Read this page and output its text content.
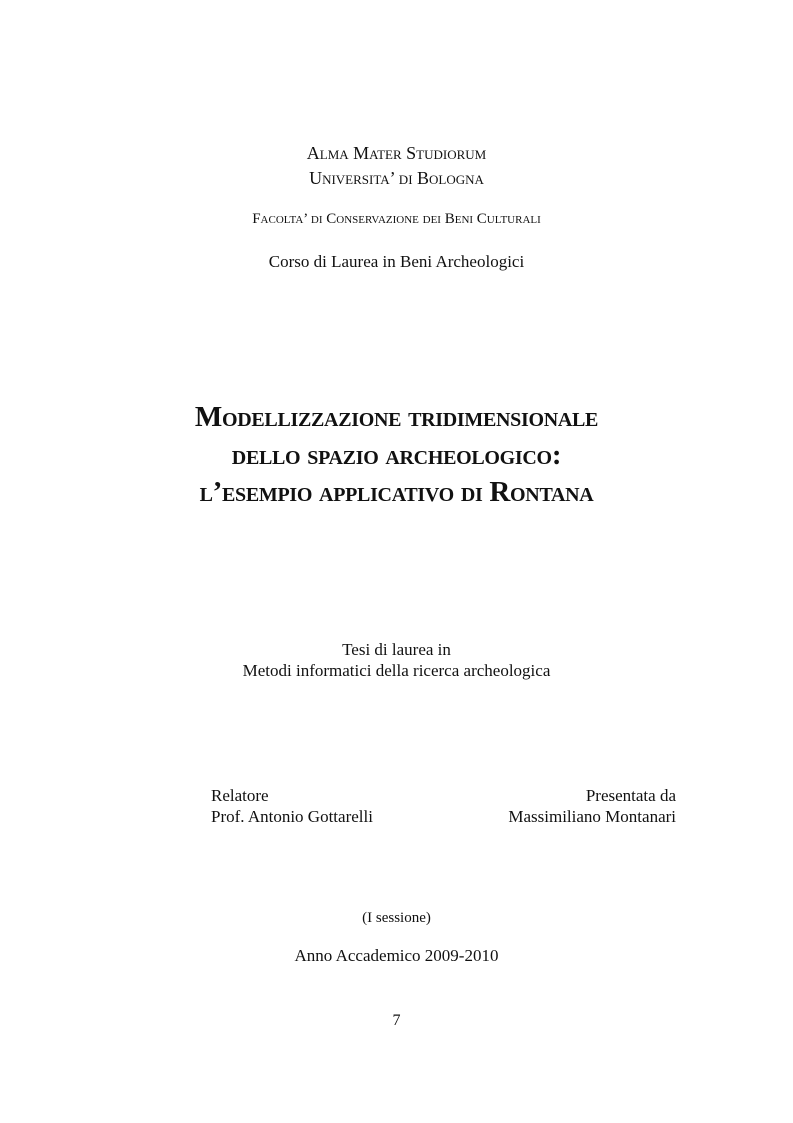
Alma Mater Studiorum
Universita’ di Bologna
Facolta’ di Conservazione dei Beni Culturali
Corso di Laurea in Beni Archeologici
Modellizzazione tridimensionale
dello spazio archeologico:
l’esempio applicativo di Rontana
Tesi di laurea in
Metodi informatici della ricerca archeologica
Relatore
Prof. Antonio Gottarelli
Presentata da
Massimiliano Montanari
(I sessione)
Anno Accademico 2009-2010
7
